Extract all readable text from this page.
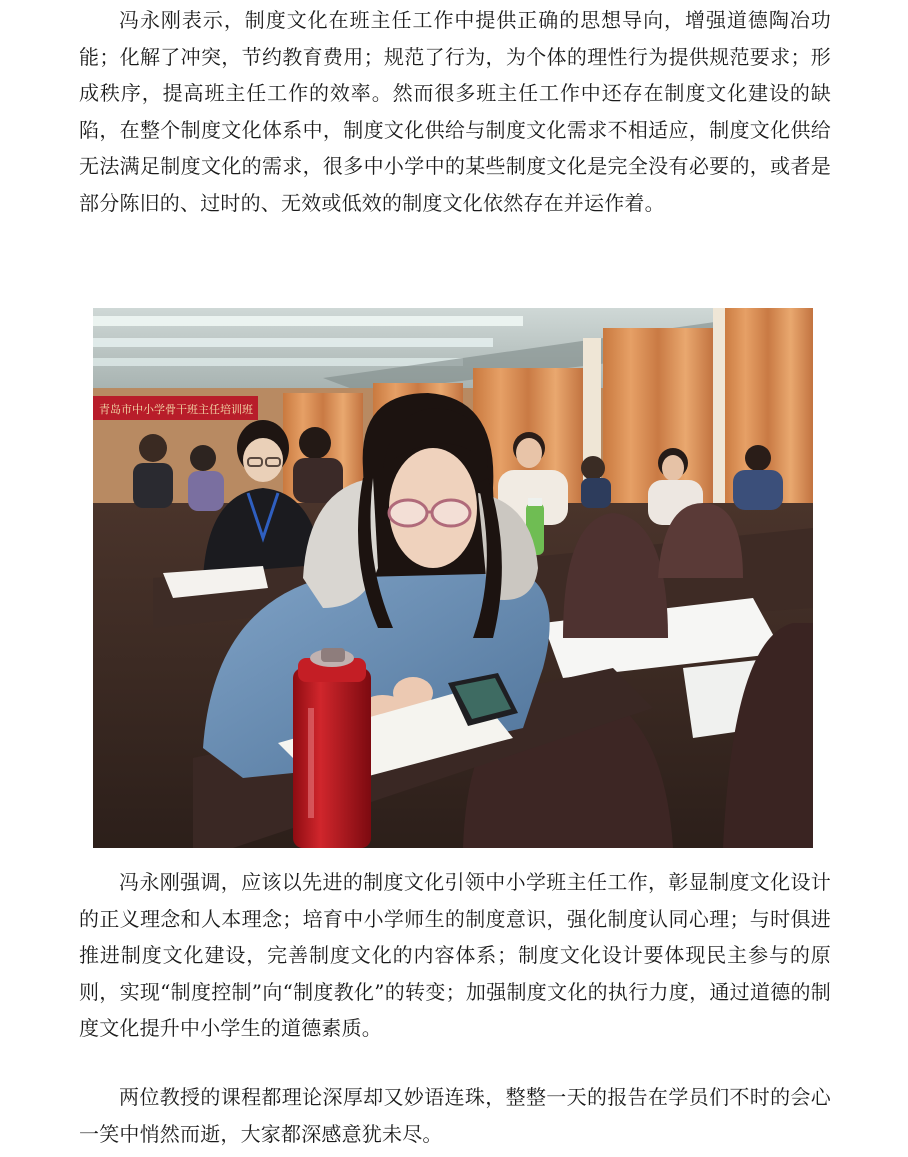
冯永刚表示，制度文化在班主任工作中提供正确的思想导向，增强道德陶冶功能；化解了冲突，节约教育费用；规范了行为，为个体的理性行为提供规范要求；形成秩序，提高班主任工作的效率。然而很多班主任工作中还存在制度文化建设的缺陷，在整个制度文化体系中，制度文化供给与制度文化需求不相适应，制度文化供给无法满足制度文化的需求，很多中小学中的某些制度文化是完全没有必要的，或者是部分陈旧的、过时的、无效或低效的制度文化依然存在并运作着。

青岛市中小学骨干班主任培训班

冯永刚强调，应该以先进的制度文化引领中小学班主任工作，彰显制度文化设计的正义理念和人本理念；培育中小学师生的制度意识，强化制度认同心理；与时俱进推进制度文化建设，完善制度文化的内容体系；制度文化设计要体现民主参与的原则，实现“制度控制”向“制度教化”的转变；加强制度文化的执行力度，通过道德的制度文化提升中小学生的道德素质。

两位教授的课程都理论深厚却又妙语连珠，整整一天的报告在学员们不时的会心一笑中悄然而逝，大家都深感意犹未尽。
